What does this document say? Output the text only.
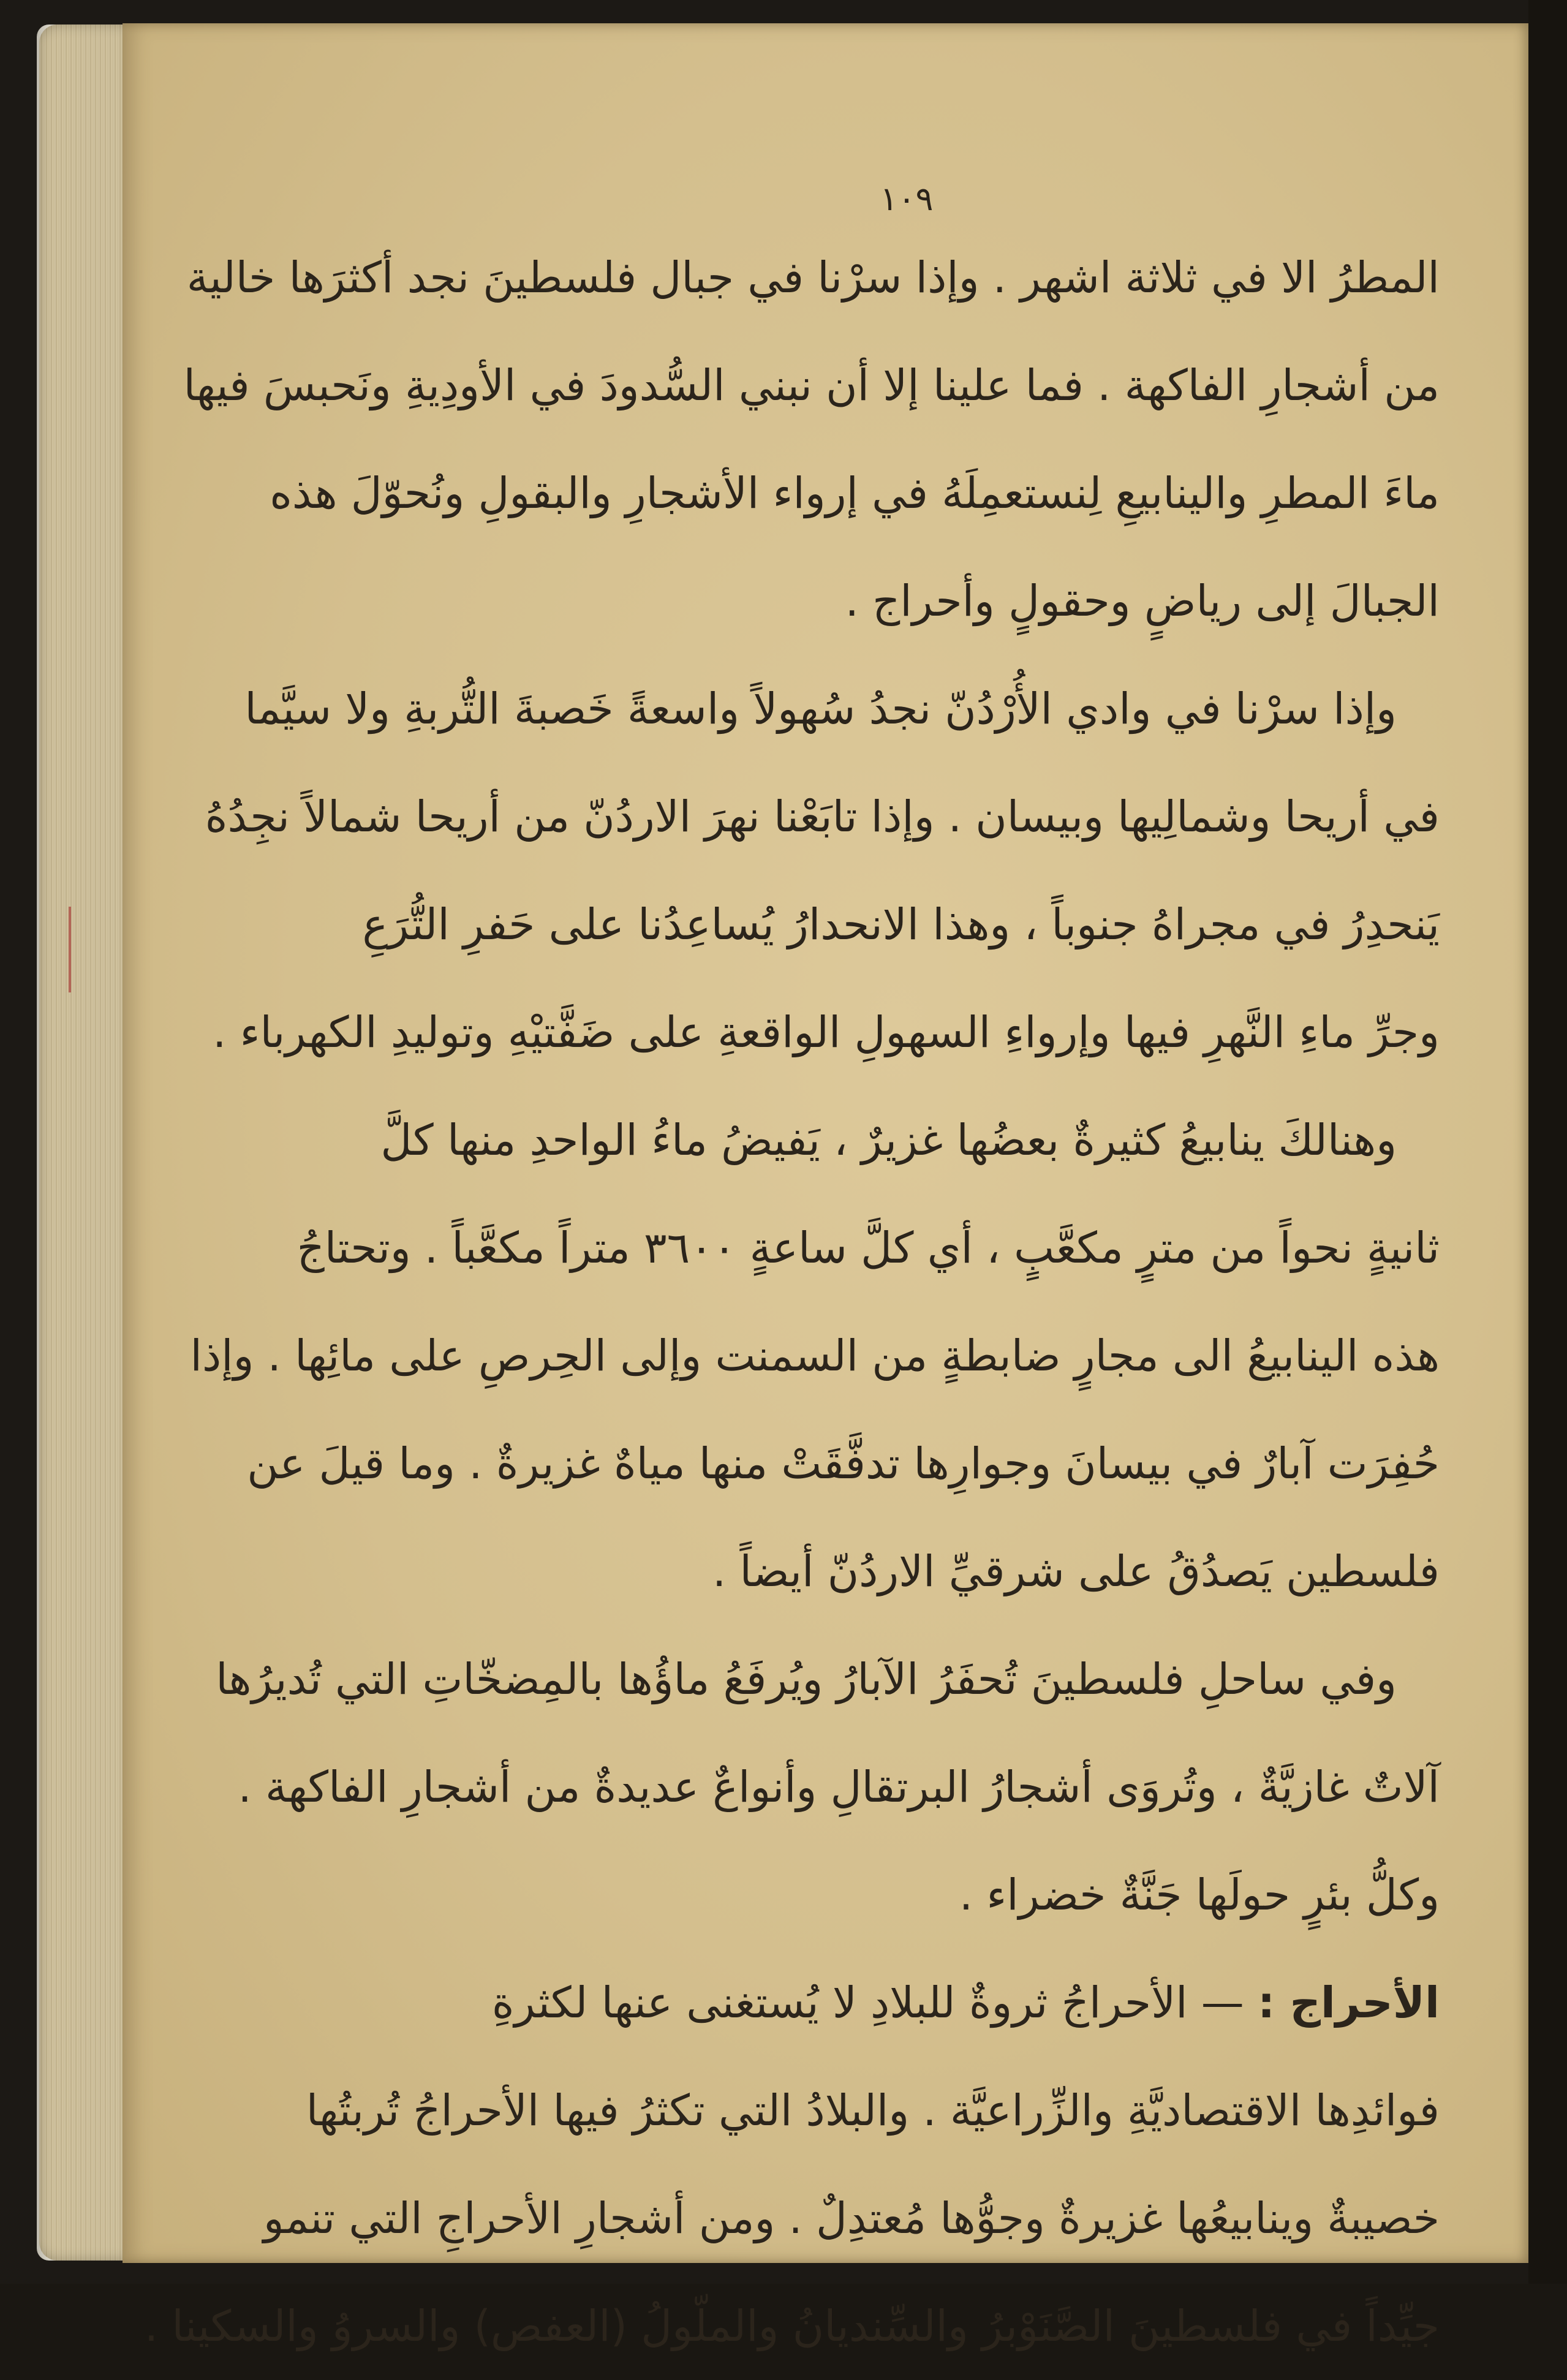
١٠٩
المطرُ الا في ثلاثة اشهر . وإذا سرْنا في جبال فلسطينَ نجد أكثرَها خالية
من أشجارِ الفاكهة . فما علينا إلا أن نبني السُّدودَ في الأودِيةِ ونَحبسَ فيها
ماءَ المطرِ والينابيعِ لِنستعمِلَهُ في إرواء الأشجارِ والبقولِ ونُحوّلَ هذه
الجبالَ إلى رياضٍ وحقولٍ وأحراج .
وإذا سرْنا في وادي الأُرْدُنّ نجدُ سُهولاً واسعةً خَصبةَ التُّربةِ ولا سيَّما
في أريحا وشمالِيها وبيسان . وإذا تابَعْنا نهرَ الاردُنّ من أريحا شمالاً نجِدُهُ
يَنحدِرُ في مجراهُ جنوباً ، وهذا الانحدارُ يُساعِدُنا على حَفرِ التُّرَعِ
وجرِّ ماءِ النَّهرِ فيها وإرواءِ السهولِ الواقعةِ على ضَفَّتيْهِ وتوليدِ الكهرباء .
وهنالكَ ينابيعُ كثيرةٌ بعضُها غزيرٌ ، يَفيضُ ماءُ الواحدِ منها كلَّ
ثانيةٍ نحواً من مترٍ مكعَّبٍ ، أي كلَّ ساعةٍ ٣٦٠٠ متراً مكعَّباً . وتحتاجُ
هذه الينابيعُ الى مجارٍ ضابطةٍ من السمنت وإلى الحِرصِ على مائِها . وإذا
حُفِرَت آبارٌ في بيسانَ وجوارِها تدفَّقَتْ منها مياهٌ غزيرةٌ . وما قيلَ عن
فلسطين يَصدُقُ على شرقيِّ الاردُنّ أيضاً .
وفي ساحلِ فلسطينَ تُحفَرُ الآبارُ ويُرفَعُ ماؤُها بالمِضخّاتِ التي تُديرُها
آلاتٌ غازيَّةٌ ، وتُروَى أشجارُ البرتقالِ وأنواعٌ عديدةٌ من أشجارِ الفاكهة .
وكلُّ بئرٍ حولَها جَنَّةٌ خضراء .
الأحراج : — الأحراجُ ثروةٌ للبلادِ لا يُستغنى عنها لكثرةِ
فوائدِها الاقتصاديَّةِ والزِّراعيَّة . والبلادُ التي تكثرُ فيها الأحراجُ تُربتُها
خصيبةٌ وينابيعُها غزيرةٌ وجوُّها مُعتدِلٌ . ومن أشجارِ الأحراجِ التي تنمو
جيِّداً في فلسطينَ الصَّنَوْبرُ والسِّنديانُ والملّولُ (العفص) والسروُ والسكينا .
